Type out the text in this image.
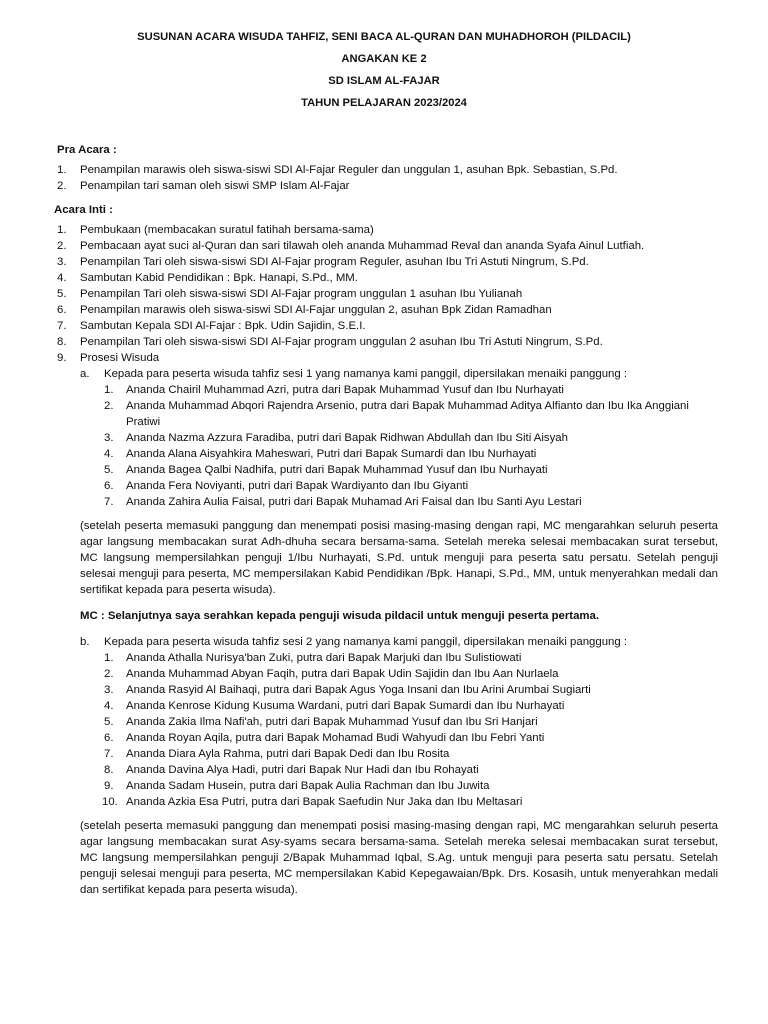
SUSUNAN ACARA WISUDA TAHFIZ, SENI BACA AL-QURAN DAN MUHADHOROH (PILDACIL)
ANGAKAN KE 2
SD ISLAM AL-FAJAR
TAHUN PELAJARAN 2023/2024
Pra Acara :
1. Penampilan marawis oleh siswa-siswi SDI Al-Fajar Reguler dan unggulan 1, asuhan Bpk. Sebastian, S.Pd.
2. Penampilan tari saman oleh siswi SMP Islam Al-Fajar
Acara Inti :
1. Pembukaan (membacakan suratul fatihah bersama-sama)
2. Pembacaan ayat suci al-Quran dan sari tilawah oleh ananda Muhammad Reval dan ananda Syafa Ainul Lutfiah.
3. Penampilan Tari oleh siswa-siswi SDI Al-Fajar program Reguler, asuhan Ibu Tri Astuti Ningrum, S.Pd.
4. Sambutan Kabid Pendidikan : Bpk. Hanapi, S.Pd., MM.
5. Penampilan Tari oleh siswa-siswi SDI Al-Fajar program unggulan 1 asuhan Ibu Yulianah
6. Penampilan marawis oleh siswa-siswi SDI Al-Fajar unggulan 2, asuhan Bpk Zidan Ramadhan
7. Sambutan Kepala SDI Al-Fajar : Bpk. Udin Sajidin, S.E.I.
8. Penampilan Tari oleh siswa-siswi SDI Al-Fajar program unggulan 2 asuhan Ibu Tri Astuti Ningrum, S.Pd.
9. Prosesi Wisuda
a. Kepada para peserta wisuda tahfiz sesi 1 yang namanya kami panggil, dipersilakan menaiki panggung :
1. Ananda Chairil Muhammad Azri, putra dari Bapak Muhammad Yusuf dan Ibu Nurhayati
2. Ananda Muhammad Abqori Rajendra Arsenio, putra dari Bapak Muhammad Aditya Alfianto dan Ibu Ika Anggiani Pratiwi
3. Ananda Nazma Azzura Faradiba, putri dari Bapak Ridhwan Abdullah dan Ibu Siti Aisyah
4. Ananda Alana Aisyahkira Maheswari, Putri dari Bapak Sumardi dan Ibu Nurhayati
5. Ananda Bagea Qalbi Nadhifa, putri dari Bapak Muhammad Yusuf dan Ibu Nurhayati
6. Ananda Fera Noviyanti, putri dari Bapak Wardiyanto dan Ibu Giyanti
7. Ananda Zahira Aulia Faisal, putri dari Bapak Muhamad Ari Faisal dan Ibu Santi Ayu Lestari
(setelah peserta memasuki panggung dan menempati posisi masing-masing dengan rapi, MC mengarahkan seluruh peserta agar langsung membacakan surat Adh-dhuha secara bersama-sama. Setelah mereka selesai membacakan surat tersebut, MC langsung mempersilahkan penguji 1/Ibu Nurhayati, S.Pd. untuk menguji para peserta satu persatu. Setelah penguji selesai menguji para peserta, MC mempersilakan Kabid Pendidikan /Bpk. Hanapi, S.Pd., MM, untuk menyerahkan medali dan sertifikat kepada para peserta wisuda).
MC : Selanjutnya saya serahkan kepada penguji wisuda pildacil untuk menguji peserta pertama.
b. Kepada para peserta wisuda tahfiz sesi 2 yang namanya kami panggil, dipersilakan menaiki panggung :
1. Ananda Athalla Nurisya'ban Zuki, putra dari Bapak Marjuki dan Ibu Sulistiowati
2. Ananda Muhammad Abyan Faqih, putra dari Bapak Udin Sajidin dan Ibu Aan Nurlaela
3. Ananda Rasyid Al Baihaqi, putra dari Bapak Agus Yoga Insani dan Ibu Arini Arumbai Sugiarti
4. Ananda Kenrose Kidung Kusuma Wardani, putri dari Bapak Sumardi dan Ibu Nurhayati
5. Ananda Zakia Ilma Nafi'ah, putri dari Bapak Muhammad Yusuf dan Ibu Sri Hanjari
6. Ananda Royan Aqila, putra dari Bapak Mohamad Budi Wahyudi dan Ibu Febri Yanti
7. Ananda Diara Ayla Rahma, putri dari Bapak Dedi dan Ibu Rosita
8. Ananda Davina Alya Hadi, putri dari Bapak Nur Hadi dan Ibu Rohayati
9. Ananda Sadam Husein, putra dari Bapak Aulia Rachman dan Ibu Juwita
10. Ananda Azkia Esa Putri, putra dari Bapak Saefudin Nur Jaka dan Ibu Meltasari
(setelah peserta memasuki panggung dan menempati posisi masing-masing dengan rapi, MC mengarahkan seluruh peserta agar langsung membacakan surat Asy-syams secara bersama-sama. Setelah mereka selesai membacakan surat tersebut, MC langsung mempersilahkan penguji 2/Bapak Muhammad Iqbal, S.Ag. untuk menguji para peserta satu persatu. Setelah penguji selesai menguji para peserta, MC mempersilakan Kabid Kepegawaian/Bpk. Drs. Kosasih, untuk menyerahkan medali dan sertifikat kepada para peserta wisuda).
